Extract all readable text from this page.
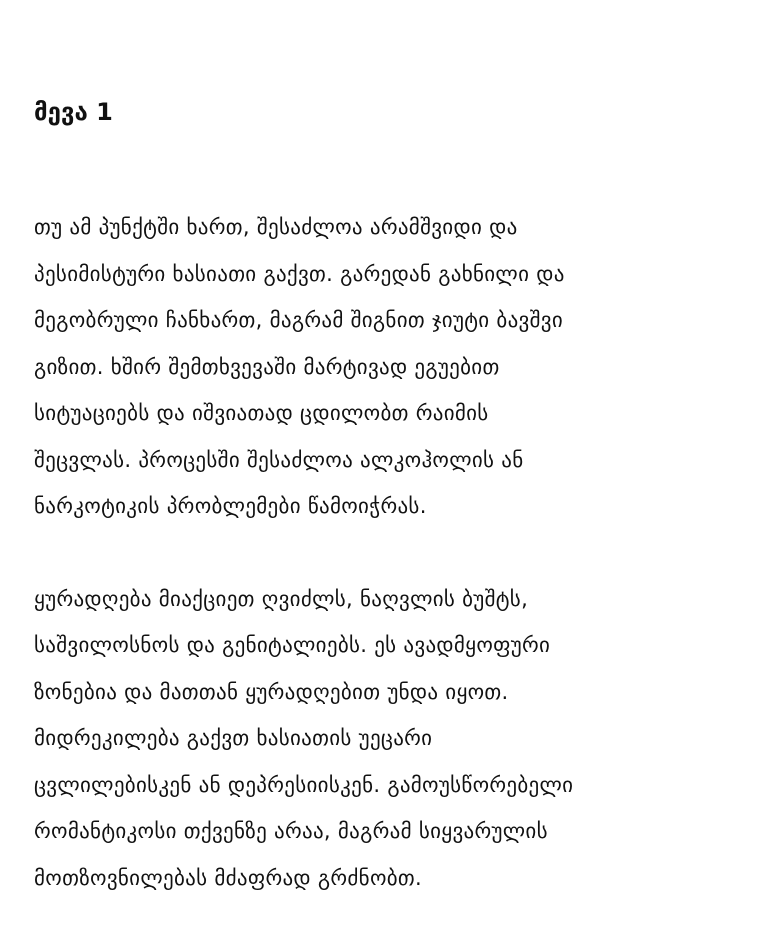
მევა 1
თუ ამ პუნქტში ხართ, შესაძლოა არამშვიდი და
პესიმისტური ხასიათი გაქვთ. გარედან გახნილი და
მეგობრული ჩანხართ, მაგრამ შიგნით ჯიუტი ბავშვი
გიზით. ხშირ შემთხვევაში მარტივად ეგუებით
სიტუაციებს და იშვიათად ცდილობთ რაიმის
შეცვლას. პროცესში შესაძლოა ალკოჰოლის ან
ნარკოტიკის პრობლემები წამოიჭრას.
ყურადღება მიაქციეთ ღვიძლს, ნაღვლის ბუშტს,
საშვილოსნოს და გენიტალიებს. ეს ავადმყოფური
ზონებია და მათთან ყურადღებით უნდა იყოთ.
მიდრეკილება გაქვთ ხასიათის უეცარი
ცვლილებისკენ ან დეპრესიისკენ. გამოუსწორებელი
რომანტიკოსი თქვენზე არაა, მაგრამ სიყვარულის
მოთზოვნილებას მძაფრად გრძნობთ.
